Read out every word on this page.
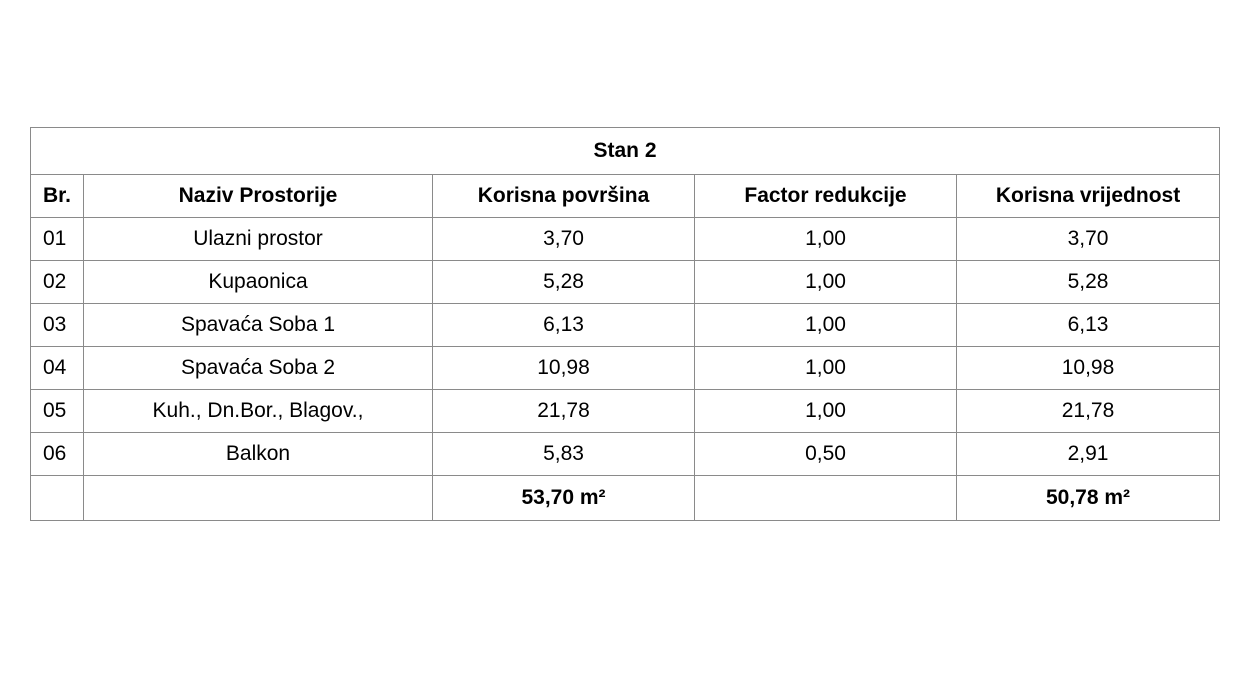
Stan 2				
Br.	Naziv Prostorije	Korisna površina	Factor redukcije	Korisna vrijednost
01	Ulazni prostor	3,70	1,00	3,70
02	Kupaonica	5,28	1,00	5,28
03	Spavaća Soba 1	6,13	1,00	6,13
04	Spavaća Soba 2	10,98	1,00	10,98
05	Kuh., Dn.Bor., Blagov.,	21,78	1,00	21,78
06	Balkon	5,83	0,50	2,91
		53,70 m²		50,78 m²
